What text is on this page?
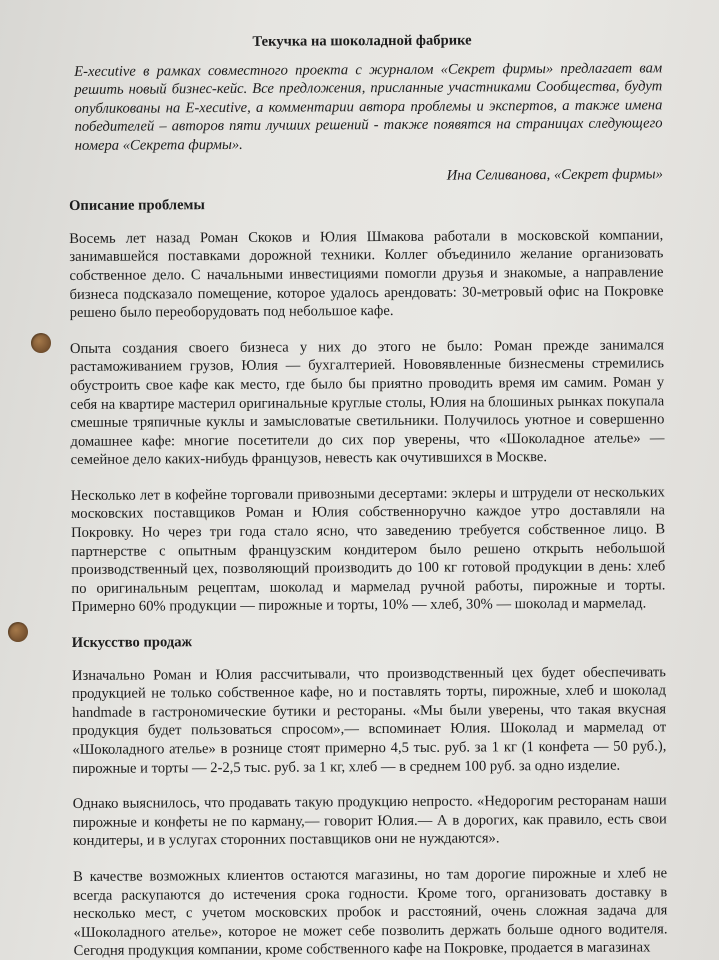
Текучка на шоколадной фабрике
E-xecutive в рамках совместного проекта с журналом «Секрет фирмы» предлагает вам решить новый бизнес-кейс. Все предложения, присланные участниками Сообщества, будут опубликованы на E-xecutive, а комментарии автора проблемы и экспертов, а также имена победителей – авторов пяти лучших решений - также появятся на страницах следующего номера «Секрета фирмы».
Ина Селиванова, «Секрет фирмы»
Описание проблемы
Восемь лет назад Роман Скоков и Юлия Шмакова работали в московской компании, занимавшейся поставками дорожной техники. Коллег объединило желание организовать собственное дело. С начальными инвестициями помогли друзья и знакомые, а направление бизнеса подсказало помещение, которое удалось арендовать: 30-метровый офис на Покровке решено было переоборудовать под небольшое кафе.
Опыта создания своего бизнеса у них до этого не было: Роман прежде занимался растаможиванием грузов, Юлия — бухгалтерией. Нововявленные бизнесмены стремились обустроить свое кафе как место, где было бы приятно проводить время им самим. Роман у себя на квартире мастерил оригинальные круглые столы, Юлия на блошиных рынках покупала смешные тряпичные куклы и замысловатые светильники. Получилось уютное и совершенно домашнее кафе: многие посетители до сих пор уверены, что «Шоколадное ателье» — семейное дело каких-нибудь французов, невесть как очутившихся в Москве.
Несколько лет в кофейне торговали привозными десертами: эклеры и штрудели от нескольких московских поставщиков Роман и Юлия собственноручно каждое утро доставляли на Покровку. Но через три года стало ясно, что заведению требуется собственное лицо. В партнерстве с опытным французским кондитером было решено открыть небольшой производственный цех, позволяющий производить до 100 кг готовой продукции в день: хлеб по оригинальным рецептам, шоколад и мармелад ручной работы, пирожные и торты. Примерно 60% продукции — пирожные и торты, 10% — хлеб, 30% — шоколад и мармелад.
Искусство продаж
Изначально Роман и Юлия рассчитывали, что производственный цех будет обеспечивать продукцией не только собственное кафе, но и поставлять торты, пирожные, хлеб и шоколад handmade в гастрономические бутики и рестораны. «Мы были уверены, что такая вкусная продукция будет пользоваться спросом»,— вспоминает Юлия. Шоколад и мармелад от «Шоколадного ателье» в рознице стоят примерно 4,5 тыс. руб. за 1 кг (1 конфета — 50 руб.), пирожные и торты — 2-2,5 тыс. руб. за 1 кг, хлеб — в среднем 100 руб. за одно изделие.
Однако выяснилось, что продавать такую продукцию непросто. «Недорогим ресторанам наши пирожные и конфеты не по карману,— говорит Юлия.— А в дорогих, как правило, есть свои кондитеры, и в услугах сторонних поставщиков они не нуждаются».
В качестве возможных клиентов остаются магазины, но там дорогие пирожные и хлеб не всегда раскупаются до истечения срока годности. Кроме того, организовать доставку в несколько мест, с учетом московских пробок и расстояний, очень сложная задача для «Шоколадного ателье», которое не может себе позволить держать больше одного водителя. Сегодня продукция компании, кроме собственного кафе на Покровке, продается в магазинах
